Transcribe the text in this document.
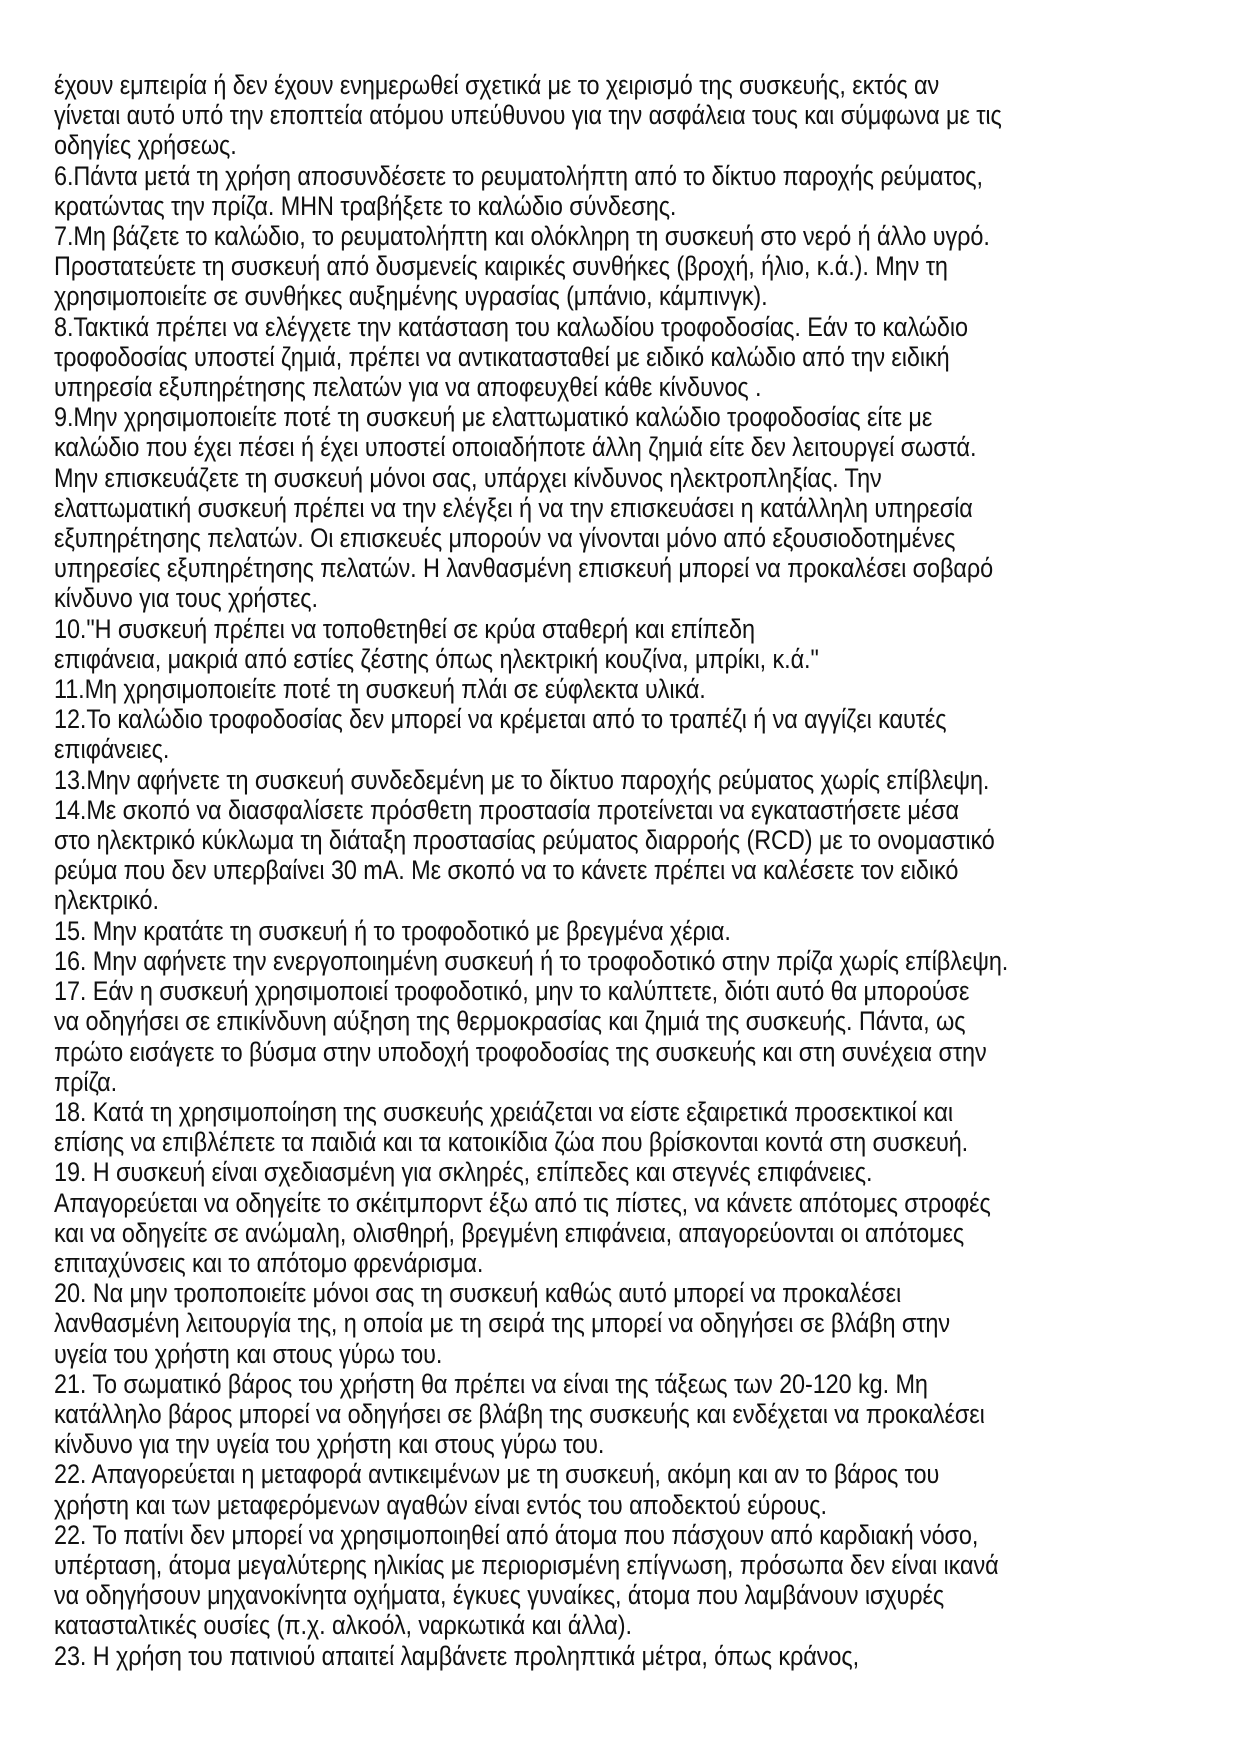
έχουν εμπειρία ή δεν έχουν ενημερωθεί σχετικά με το χειρισμό της συσκευής, εκτός αν
γίνεται αυτό υπό την εποπτεία ατόμου υπεύθυνου για την ασφάλεια τους και σύμφωνα με τις
οδηγίες χρήσεως.
6.Πάντα μετά τη χρήση αποσυνδέσετε το ρευματολήπτη από το δίκτυο παροχής ρεύματος,
κρατώντας την πρίζα. ΜΗΝ τραβήξετε το καλώδιο σύνδεσης.
7.Μη βάζετε το καλώδιο, το ρευματολήπτη και ολόκληρη τη συσκευή στο νερό ή άλλο υγρό.
Προστατεύετε τη συσκευή από δυσμενείς καιρικές συνθήκες (βροχή, ήλιο, κ.ά.). Μην τη
χρησιμοποιείτε σε συνθήκες αυξημένης υγρασίας (μπάνιο, κάμπινγκ).
8.Τακτικά πρέπει να ελέγχετε την κατάσταση του καλωδίου τροφοδοσίας. Εάν το καλώδιο
τροφοδοσίας υποστεί ζημιά, πρέπει να αντικατασταθεί με ειδικό καλώδιο από την ειδική
υπηρεσία εξυπηρέτησης πελατών για να αποφευχθεί κάθε κίνδυνος .
9.Μην χρησιμοποιείτε ποτέ τη συσκευή με ελαττωματικό καλώδιο τροφοδοσίας είτε με
καλώδιο που έχει πέσει ή έχει υποστεί οποιαδήποτε άλλη ζημιά είτε δεν λειτουργεί σωστά.
Μην επισκευάζετε τη συσκευή μόνοι σας, υπάρχει κίνδυνος ηλεκτροπληξίας. Την
ελαττωματική συσκευή πρέπει να την ελέγξει ή να την επισκευάσει η κατάλληλη υπηρεσία
εξυπηρέτησης πελατών. Οι επισκευές μπορούν να γίνονται μόνο από εξουσιοδοτημένες
υπηρεσίες εξυπηρέτησης πελατών. Η λανθασμένη επισκευή μπορεί να προκαλέσει σοβαρό
κίνδυνο για τους χρήστες.
10."Η συσκευή πρέπει να τοποθετηθεί σε κρύα σταθερή και επίπεδη
επιφάνεια, μακριά από εστίες ζέστης όπως ηλεκτρική κουζίνα, μπρίκι, κ.ά."
11.Μη χρησιμοποιείτε ποτέ τη συσκευή πλάι σε εύφλεκτα υλικά.
12.Το καλώδιο τροφοδοσίας δεν μπορεί να κρέμεται από το τραπέζι ή να αγγίζει καυτές
επιφάνειες.
13.Μην αφήνετε τη συσκευή συνδεδεμένη με το δίκτυο παροχής ρεύματος χωρίς επίβλεψη.
14.Με σκοπό να διασφαλίσετε πρόσθετη προστασία προτείνεται να εγκαταστήσετε μέσα
στο ηλεκτρικό κύκλωμα τη διάταξη προστασίας ρεύματος διαρροής (RCD) με το ονομαστικό
ρεύμα που δεν υπερβαίνει 30 mA. Με σκοπό να το κάνετε πρέπει να καλέσετε τον ειδικό
ηλεκτρικό.
15. Μην κρατάτε τη συσκευή ή το τροφοδοτικό με βρεγμένα χέρια.
16. Μην αφήνετε την ενεργοποιημένη συσκευή ή το τροφοδοτικό στην πρίζα χωρίς επίβλεψη.
17. Εάν η συσκευή χρησιμοποιεί τροφοδοτικό, μην το καλύπτετε, διότι αυτό θα μπορούσε
να οδηγήσει σε επικίνδυνη αύξηση της θερμοκρασίας και ζημιά της συσκευής. Πάντα, ως
πρώτο εισάγετε το βύσμα στην υποδοχή τροφοδοσίας της συσκευής και στη συνέχεια στην
πρίζα.
18. Κατά τη χρησιμοποίηση της συσκευής χρειάζεται να είστε εξαιρετικά προσεκτικοί και
επίσης να επιβλέπετε τα παιδιά και τα κατοικίδια ζώα που βρίσκονται κοντά στη συσκευή.
19. Η συσκευή είναι σχεδιασμένη για σκληρές, επίπεδες και στεγνές επιφάνειες.
Απαγορεύεται να οδηγείτε το σκέιτμπορντ έξω από τις πίστες, να κάνετε απότομες στροφές
και να οδηγείτε σε ανώμαλη, ολισθηρή, βρεγμένη επιφάνεια, απαγορεύονται οι απότομες
επιταχύνσεις και το απότομο φρενάρισμα.
20. Να μην τροποποιείτε μόνοι σας τη συσκευή καθώς αυτό μπορεί να προκαλέσει
λανθασμένη λειτουργία της, η οποία με τη σειρά της μπορεί να οδηγήσει σε βλάβη στην
υγεία του χρήστη και στους γύρω του.
21. Το σωματικό βάρος του χρήστη θα πρέπει να είναι της τάξεως των 20-120 kg. Μη
κατάλληλο βάρος μπορεί να οδηγήσει σε βλάβη της συσκευής και ενδέχεται να προκαλέσει
κίνδυνο για την υγεία του χρήστη και στους γύρω του.
22. Απαγορεύεται η μεταφορά αντικειμένων με τη συσκευή, ακόμη και αν το βάρος του
χρήστη και των μεταφερόμενων αγαθών είναι εντός του αποδεκτού εύρους.
22. Το πατίνι δεν μπορεί να χρησιμοποιηθεί από άτομα που πάσχουν από καρδιακή νόσο,
υπέρταση, άτομα μεγαλύτερης ηλικίας με περιορισμένη επίγνωση, πρόσωπα δεν είναι ικανά
να οδηγήσουν μηχανοκίνητα οχήματα, έγκυες γυναίκες, άτομα που λαμβάνουν ισχυρές
κατασταλτικές ουσίες (π.χ. αλκοόλ, ναρκωτικά και άλλα).
23. Η χρήση του πατινιού απαιτεί λαμβάνετε προληπτικά μέτρα, όπως κράνος,
